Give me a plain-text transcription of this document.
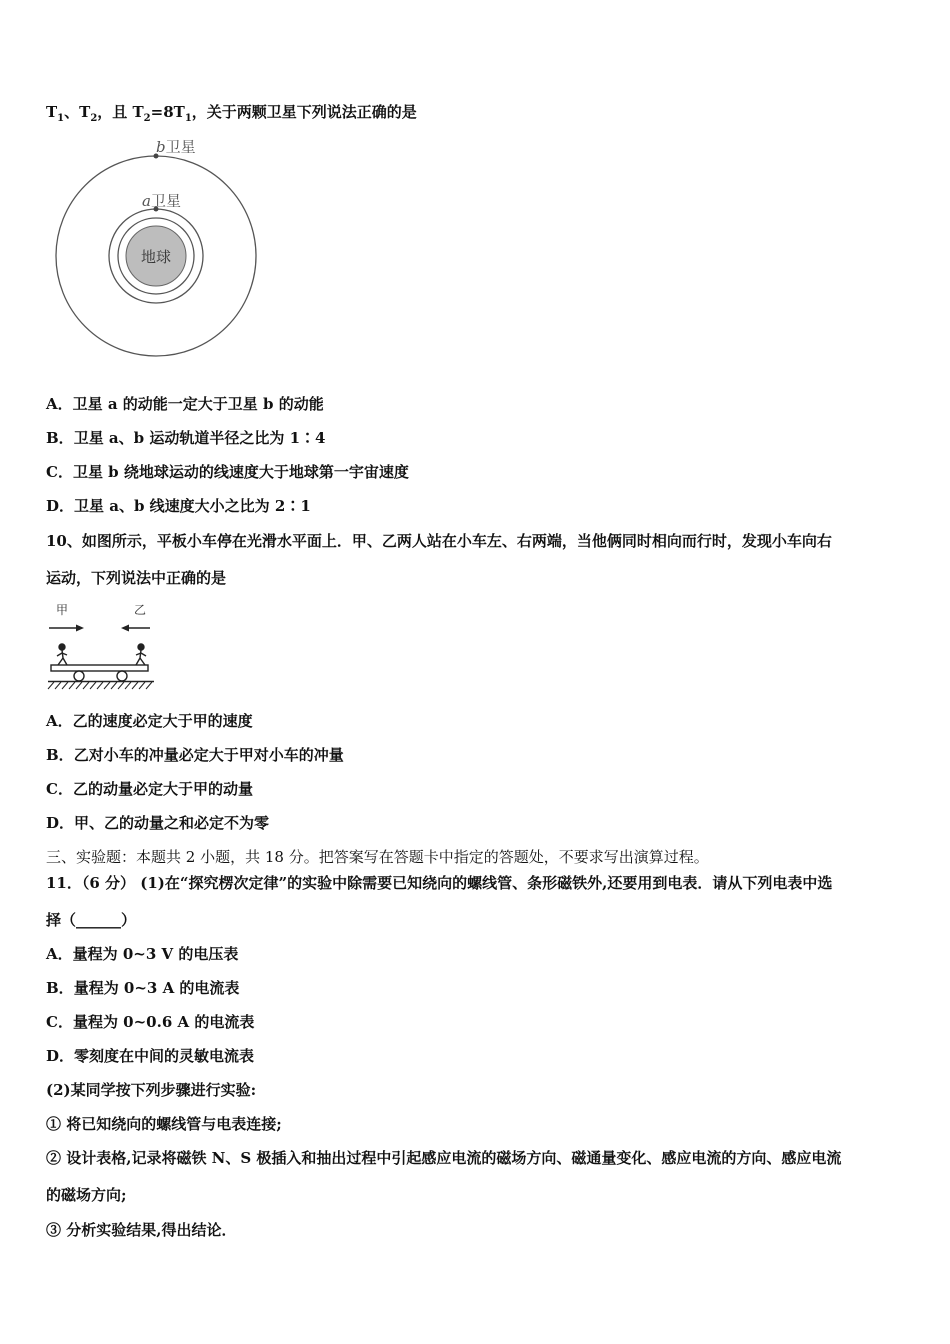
$T_1$、$T_2$，且 $T_2=8T_1$，关于两颗卫星下列说法正确的是
地球
b卫星
a卫星
A．卫星 a 的动能一定大于卫星 b 的动能
B．卫星 a、b 运动轨道半径之比为 1∶4
C．卫星 b 绕地球运动的线速度大于地球第一宇宙速度
D．卫星 a、b 线速度大小之比为 2∶1
10、如图所示，平板小车停在光滑水平面上．甲、乙两人站在小车左、右两端，当他俩同时相向而行时，发现小车向右
运动，下列说法中正确的是
甲	乙
A．乙的速度必定大于甲的速度
B．乙对小车的冲量必定大于甲对小车的冲量
C．乙的动量必定大于甲的动量
D．甲、乙的动量之和必定不为零
三、实验题：本题共 2 小题，共 18 分。把答案写在答题卡中指定的答题处，不要求写出演算过程。
11．（6 分） (1)在“探究楞次定律”的实验中除需要已知绕向的螺线管、条形磁铁外,还要用到电表．请从下列电表中选
择（______）
A．量程为 0~3 V 的电压表
B．量程为 0~3 A 的电流表
C．量程为 0~0.6 A 的电流表
D．零刻度在中间的灵敏电流表
(2)某同学按下列步骤进行实验:
① 将已知绕向的螺线管与电表连接;
② 设计表格,记录将磁铁 N、S 极插入和抽出过程中引起感应电流的磁场方向、磁通量变化、感应电流的方向、感应电流
的磁场方向;
③ 分析实验结果,得出结论．
